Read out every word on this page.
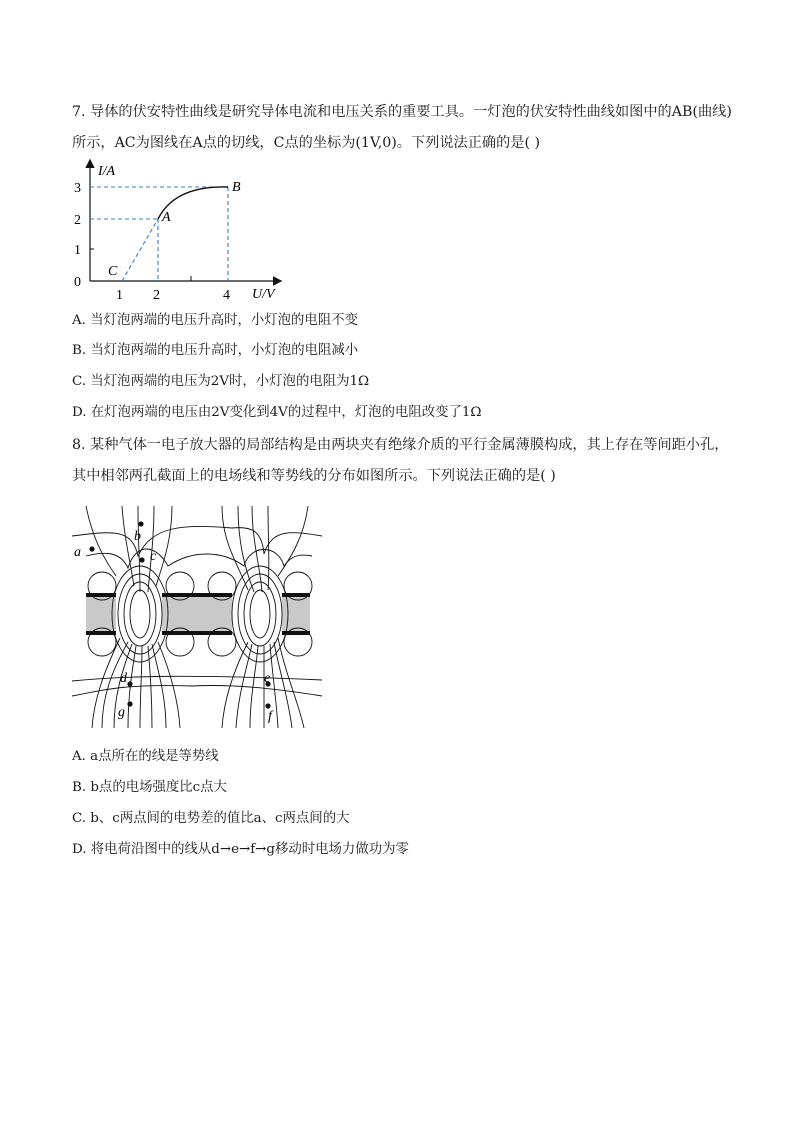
7. 导体的伏安特性曲线是研究导体电流和电压关系的重要工具。一灯泡的伏安特性曲线如图中的AB(曲线)
所示，AC为图线在A点的切线，C点的坐标为(1V,0)。下列说法正确的是( )
I/A
U/V
0
1
2
3
1 2	4
A
B
C
A. 当灯泡两端的电压升高时，小灯泡的电阻不变
B. 当灯泡两端的电压升高时，小灯泡的电阻减小
C. 当灯泡两端的电压为2V时，小灯泡的电阻为1Ω
D. 在灯泡两端的电压由2V变化到4V的过程中，灯泡的电阻改变了1Ω
8. 某种气体一电子放大器的局部结构是由两块夹有绝缘介质的平行金属薄膜构成，其上存在等间距小孔，
其中相邻两孔截面上的电场线和等势线的分布如图所示。下列说法正确的是( )
a
b
c
d	e
g	f
A. a点所在的线是等势线
B. b点的电场强度比c点大
C. b、c两点间的电势差的值比a、c两点间的大
D. 将电荷沿图中的线从d→e→f→g移动时电场力做功为零
